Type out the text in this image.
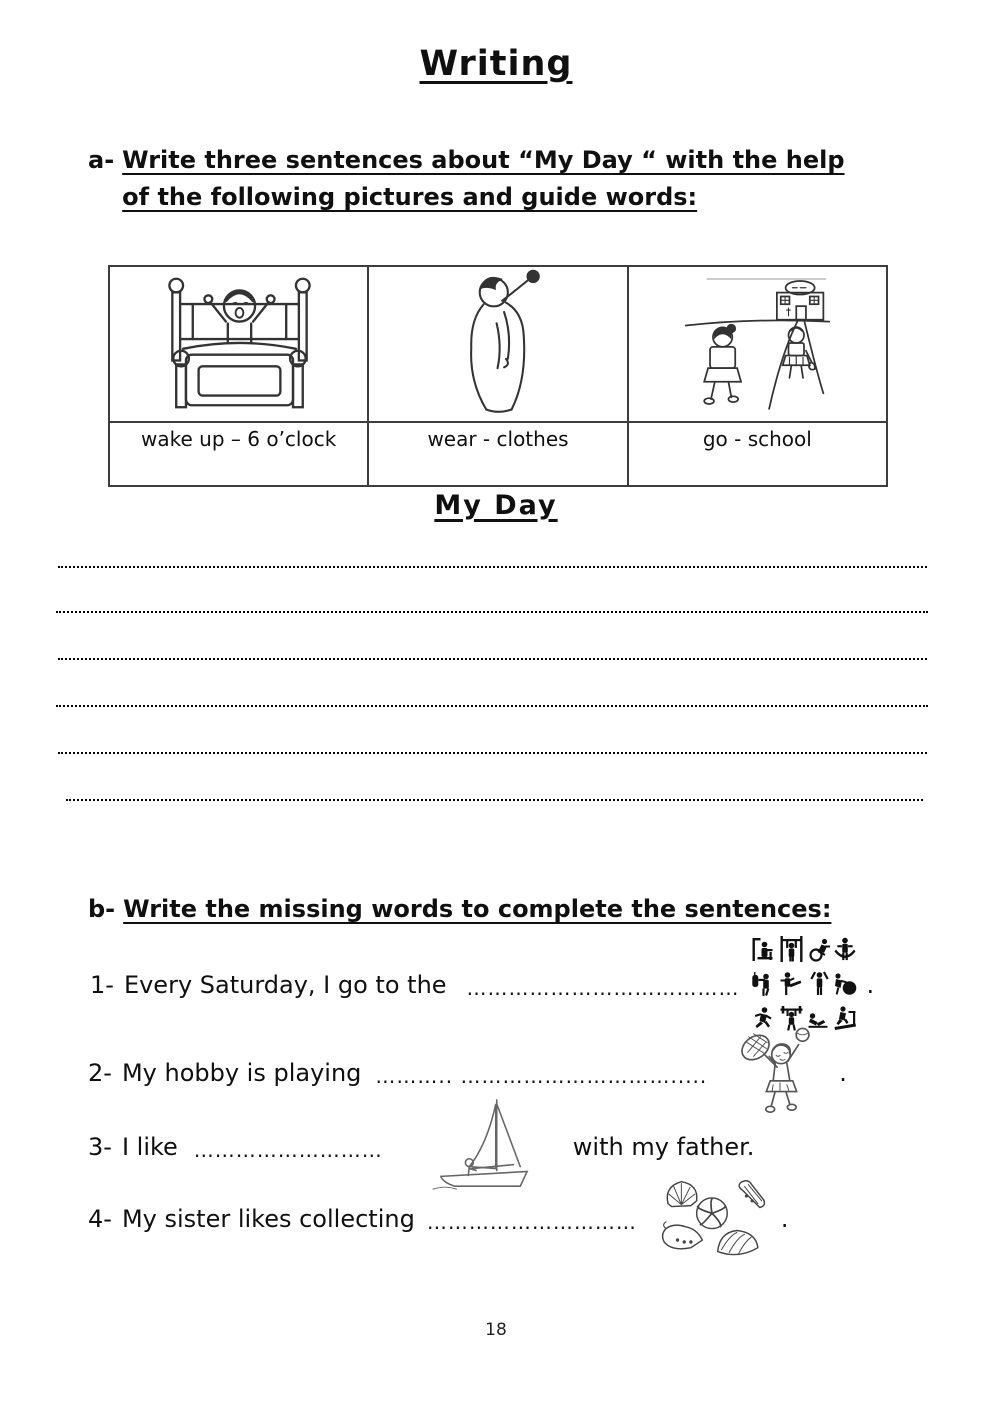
Writing
a- Write three sentences about “My Day “ with the help of the following pictures and guide words:

wake up – 6 o’clock	wear - clothes	go - school
My Day
b- Write the missing words to complete the sentences:
1- Every Saturday, I go to the …………………………………	.
2- My hobby is playing ……….. ………………………….....	.
3- I like ………………………	with my father.
4- My sister likes collecting …………………………	.
18
